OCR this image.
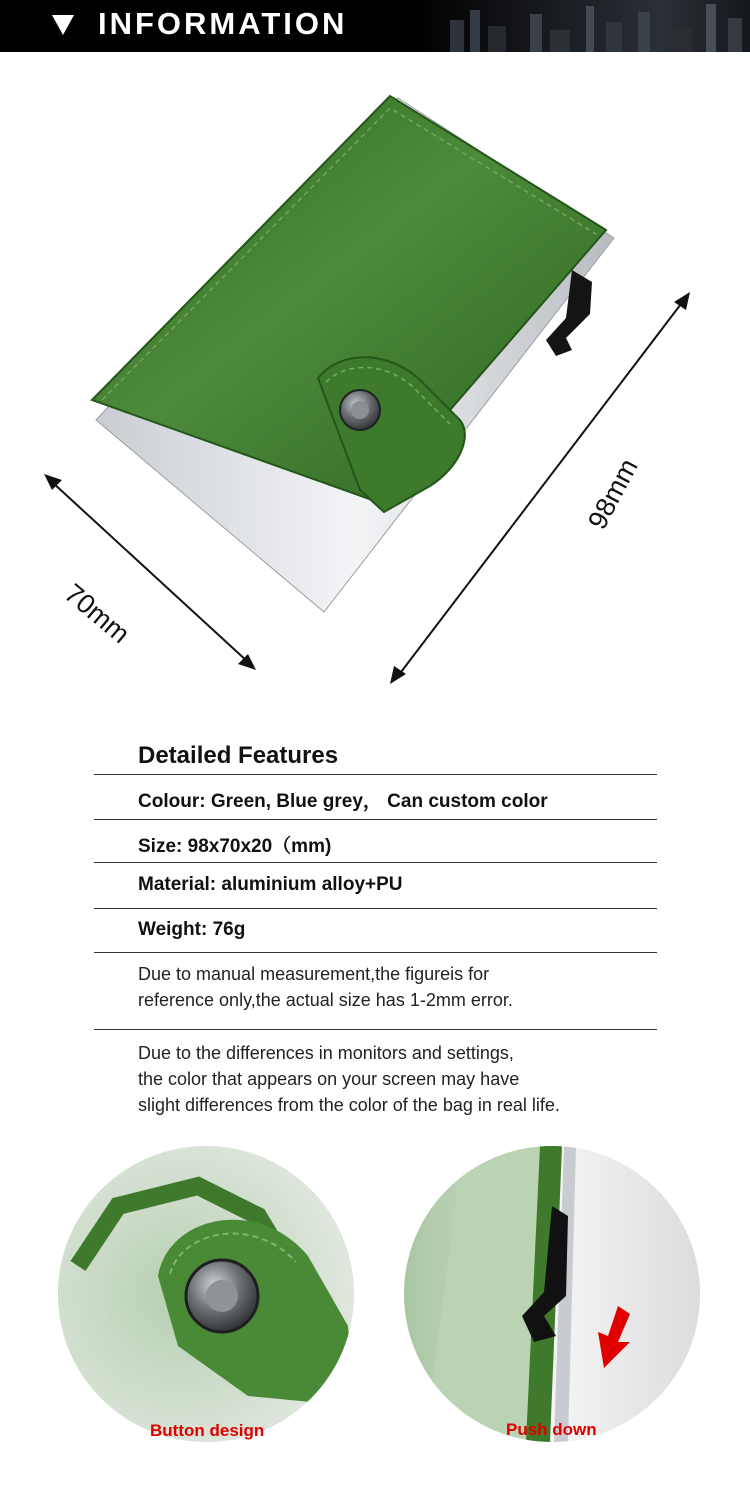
INFORMATION
70mm
98mm
Detailed Features
Colour: Green, Blue grey， Can custom color
Size: 98x70x20（mm)
Material: aluminium alloy+PU
Weight: 76g
Due to manual measurement,the figureis for
reference only,the actual size has 1-2mm error.
Due to the differences in monitors and settings,
the color that appears on your screen may have
slight differences from the color of the bag in real life.
Button design	Push down
